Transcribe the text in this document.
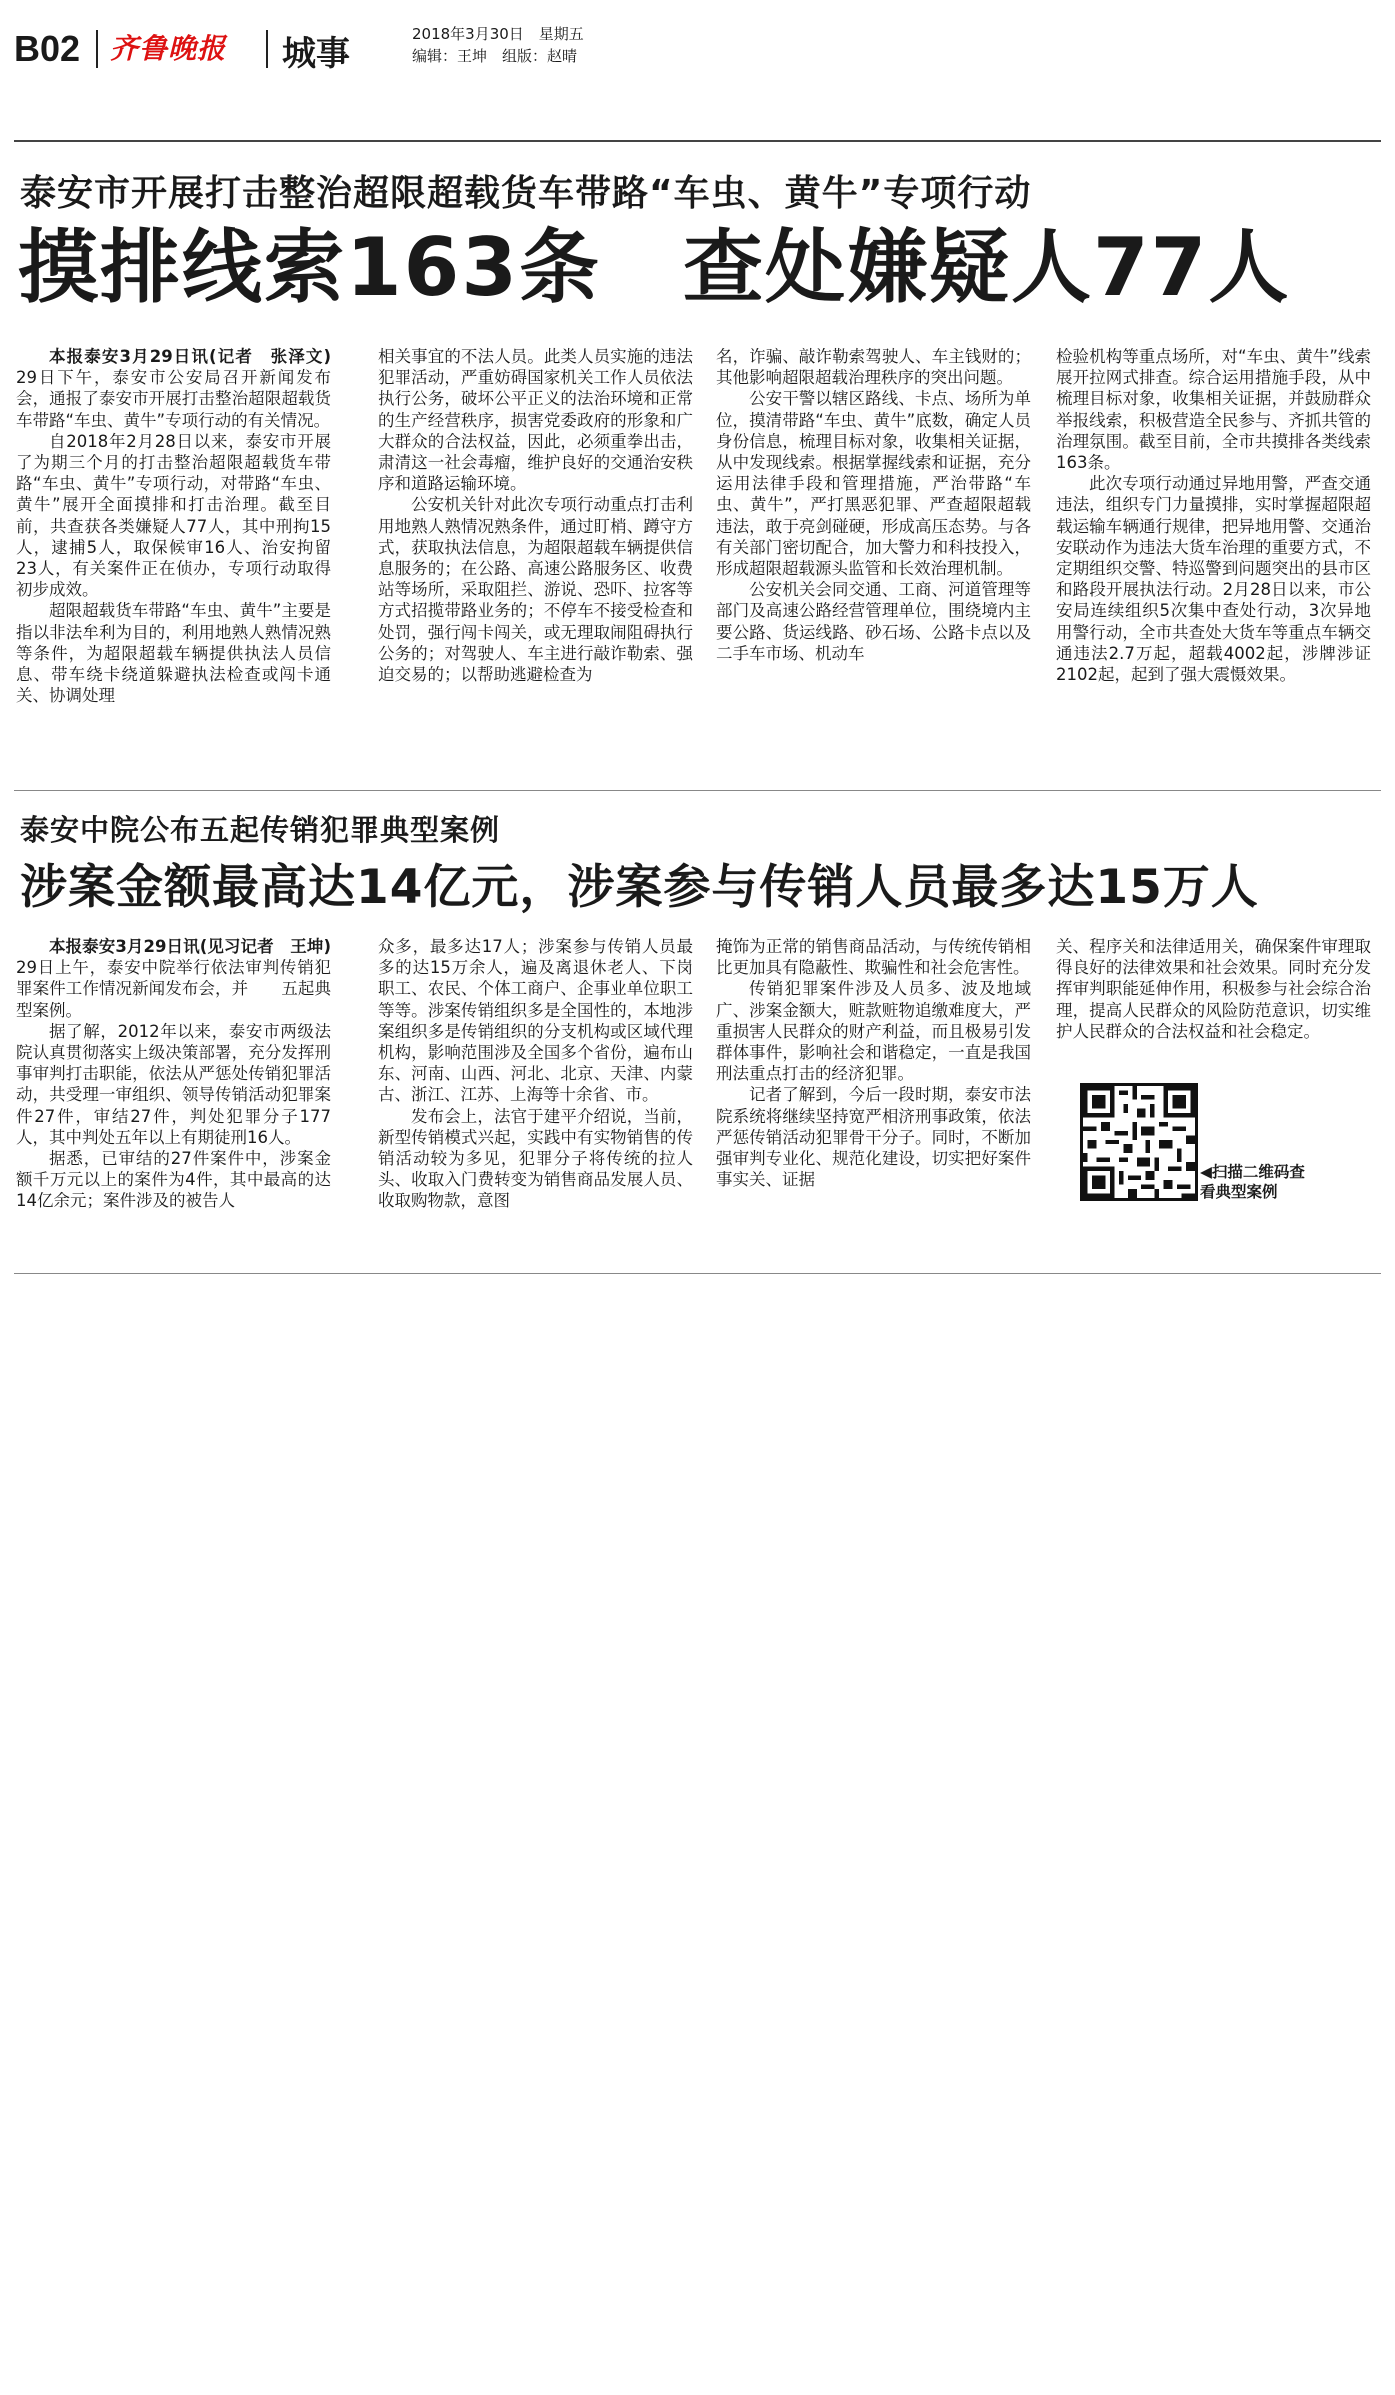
B02 齐鲁晚报 城事	2018年3月30日　星期五
编辑：王坤　组版：赵晴
泰安市开展打击整治超限超载货车带路“车虫、黄牛”专项行动
摸排线索163条　查处嫌疑人77人

本报泰安3月29日讯(记者　张泽文)　29日下午，泰安市公安局召开新闻发布会，通报了泰安市开展打击整治超限超载货车带路“车虫、黄牛”专项行动的有关情况。

自2018年2月28日以来，泰安市开展了为期三个月的打击整治超限超载货车带路“车虫、黄牛”专项行动，对带路“车虫、黄牛”展开全面摸排和打击治理。截至目前，共查获各类嫌疑人77人，其中刑拘15人，逮捕5人，取保候审16人、治安拘留23人，有关案件正在侦办，专项行动取得初步成效。

超限超载货车带路“车虫、黄牛”主要是指以非法牟利为目的，利用地熟人熟情况熟等条件，为超限超载车辆提供执法人员信息、带车绕卡绕道躲避执法检查或闯卡通关、协调处理

相关事宜的不法人员。此类人员实施的违法犯罪活动，严重妨碍国家机关工作人员依法执行公务，破坏公平正义的法治环境和正常的生产经营秩序，损害党委政府的形象和广大群众的合法权益，因此，必须重拳出击，肃清这一社会毒瘤，维护良好的交通治安秩序和道路运输环境。

公安机关针对此次专项行动重点打击利用地熟人熟情况熟条件，通过盯梢、蹲守方式，获取执法信息，为超限超载车辆提供信息服务的；在公路、高速公路服务区、收费站等场所，采取阻拦、游说、恐吓、拉客等方式招揽带路业务的；不停车不接受检查和处罚，强行闯卡闯关，或无理取闹阻碍执行公务的；对驾驶人、车主进行敲诈勒索、强迫交易的；以帮助逃避检查为

名，诈骗、敲诈勒索驾驶人、车主钱财的；其他影响超限超载治理秩序的突出问题。

公安干警以辖区路线、卡点、场所为单位，摸清带路“车虫、黄牛”底数，确定人员身份信息，梳理目标对象，收集相关证据，从中发现线索。根据掌握线索和证据，充分运用法律手段和管理措施，严治带路“车虫、黄牛”，严打黑恶犯罪、严查超限超载违法，敢于亮剑碰硬，形成高压态势。与各有关部门密切配合，加大警力和科技投入，形成超限超载源头监管和长效治理机制。

公安机关会同交通、工商、河道管理等部门及高速公路经营管理单位，围绕境内主要公路、货运线路、砂石场、公路卡点以及二手车市场、机动车

检验机构等重点场所，对“车虫、黄牛”线索展开拉网式排查。综合运用措施手段，从中梳理目标对象，收集相关证据，并鼓励群众举报线索，积极营造全民参与、齐抓共管的治理氛围。截至目前，全市共摸排各类线索163条。

此次专项行动通过异地用警，严查交通违法，组织专门力量摸排，实时掌握超限超载运输车辆通行规律，把异地用警、交通治安联动作为违法大货车治理的重要方式，不定期组织交警、特巡警到问题突出的县市区和路段开展执法行动。2月28日以来，市公安局连续组织5次集中查处行动，3次异地用警行动，全市共查处大货车等重点车辆交通违法2.7万起，超载4002起，涉牌涉证2102起，起到了强大震慑效果。

泰安中院公布五起传销犯罪典型案例
涉案金额最高达14亿元，涉案参与传销人员最多达15万人

本报泰安3月29日讯(见习记者　王坤)　29日上午，泰安中院举行依法审判传销犯罪案件工作情况新闻发布会，并　　五起典型案例。

据了解，2012年以来，泰安市两级法院认真贯彻落实上级决策部署，充分发挥刑事审判打击职能，依法从严惩处传销犯罪活动，共受理一审组织、领导传销活动犯罪案件27件，审结27件，判处犯罪分子177人，其中判处五年以上有期徒刑16人。

据悉，已审结的27件案件中，涉案金额千万元以上的案件为4件，其中最高的达14亿余元；案件涉及的被告人

众多，最多达17人；涉案参与传销人员最多的达15万余人，遍及离退休老人、下岗职工、农民、个体工商户、企事业单位职工等等。涉案传销组织多是全国性的，本地涉案组织多是传销组织的分支机构或区域代理机构，影响范围涉及全国多个省份，遍布山东、河南、山西、河北、北京、天津、内蒙古、浙江、江苏、上海等十余省、市。

发布会上，法官于建平介绍说，当前，新型传销模式兴起，实践中有实物销售的传销活动较为多见，犯罪分子将传统的拉人头、收取入门费转变为销售商品发展人员、收取购物款，意图

掩饰为正常的销售商品活动，与传统传销相比更加具有隐蔽性、欺骗性和社会危害性。

传销犯罪案件涉及人员多、波及地域广、涉案金额大，赃款赃物追缴难度大，严重损害人民群众的财产利益，而且极易引发群体事件，影响社会和谐稳定，一直是我国刑法重点打击的经济犯罪。

记者了解到，今后一段时期，泰安市法院系统将继续坚持宽严相济刑事政策，依法严惩传销活动犯罪骨干分子。同时，不断加强审判专业化、规范化建设，切实把好案件事实关、证据

关、程序关和法律适用关，确保案件审理取得良好的法律效果和社会效果。同时充分发挥审判职能延伸作用，积极参与社会综合治理，提高人民群众的风险防范意识，切实维护人民群众的合法权益和社会稳定。

◀扫描二维码查看典型案例
